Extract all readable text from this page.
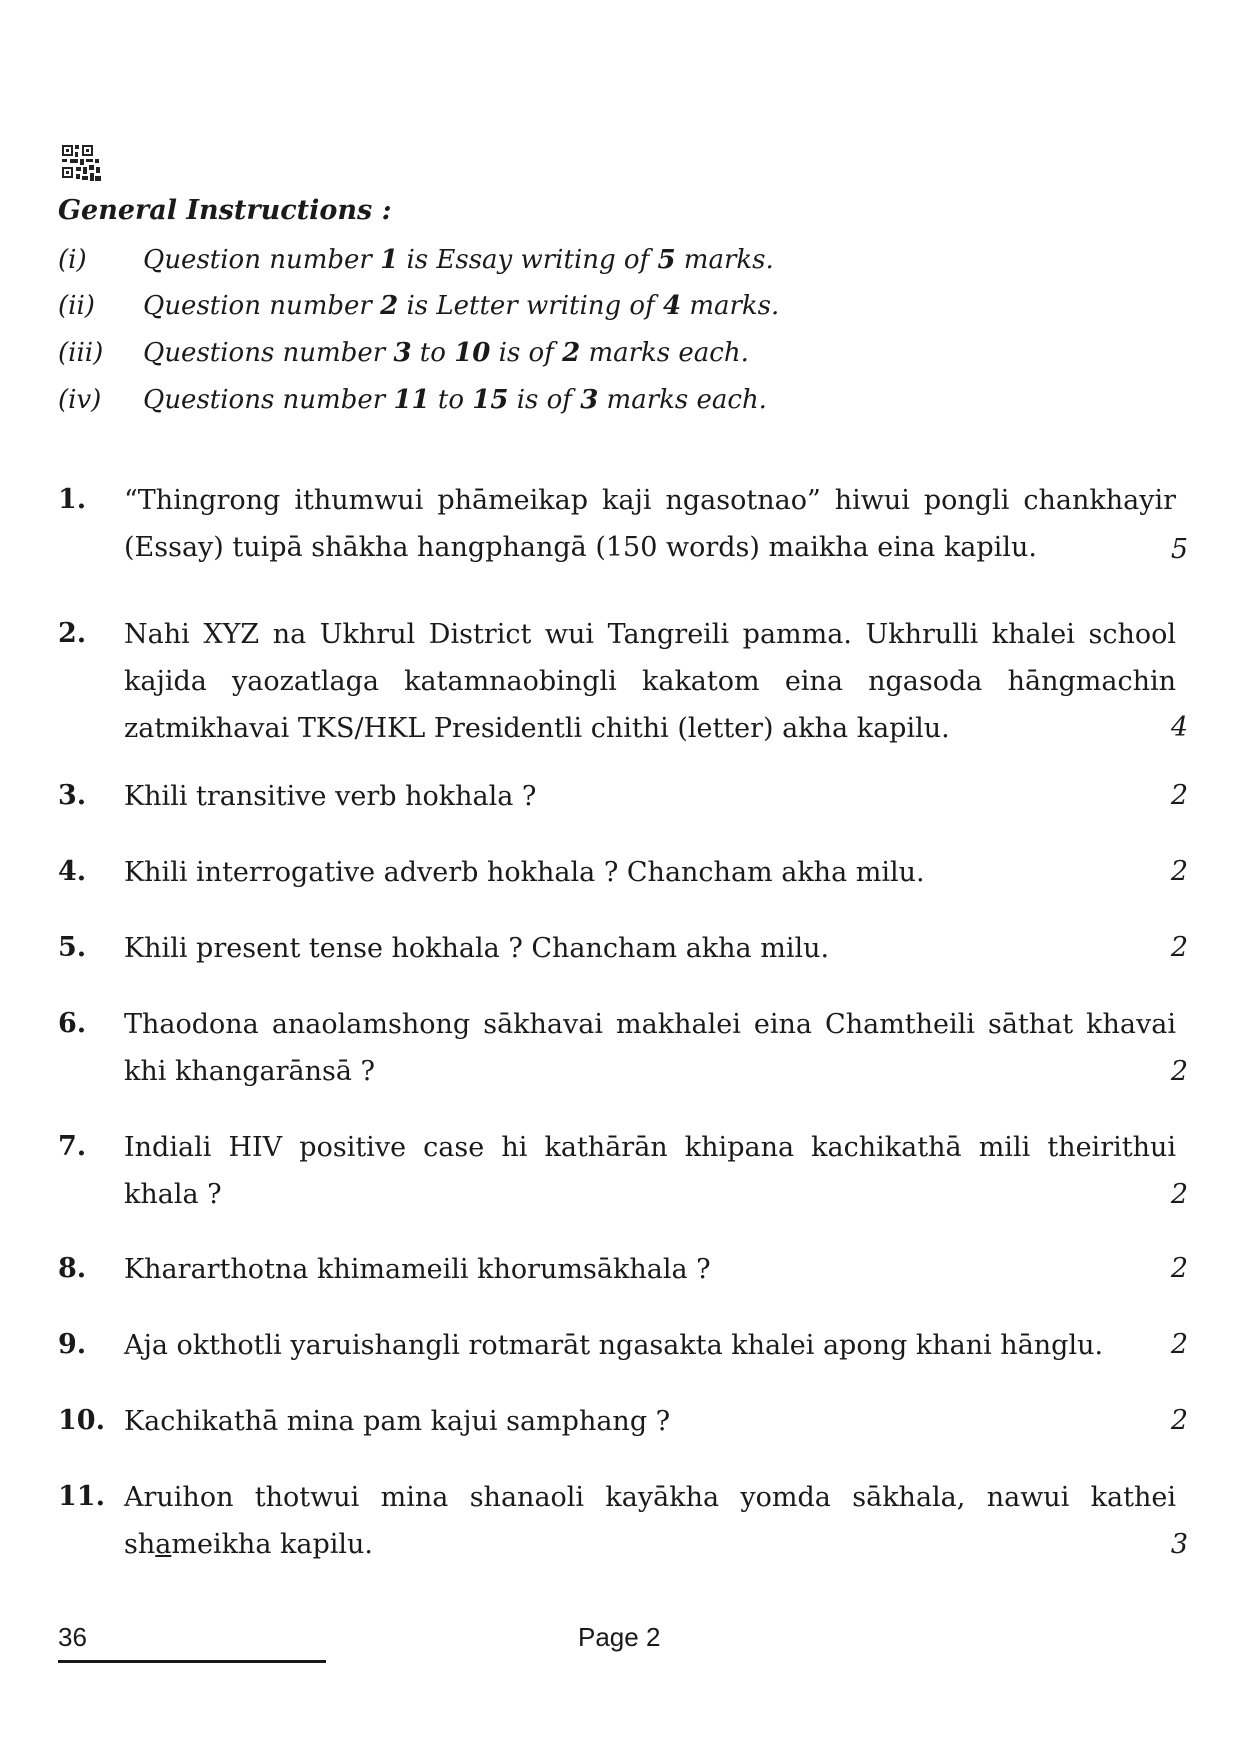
General Instructions :
(i) Question number 1 is Essay writing of 5 marks.
(ii) Question number 2 is Letter writing of 4 marks.
(iii) Questions number 3 to 10 is of 2 marks each.
(iv) Questions number 11 to 15 is of 3 marks each.
1. “Thingrong ithumwui phāmeikap kaji ngasotnao” hiwui pongli chankhayir (Essay) tuipā shākha hangphangā (150 words) maikha eina kapilu.	5
2. Nahi XYZ na Ukhrul District wui Tangreili pamma. Ukhrulli khalei school kajida yaozatlaga katamnaobingli kakatom eina ngasoda hāngmachin zatmikhavai TKS/HKL Presidentli chithi (letter) akha kapilu.	4
3. Khili transitive verb hokhala ?	2
4. Khili interrogative adverb hokhala ? Chancham akha milu.	2
5. Khili present tense hokhala ? Chancham akha milu.	2
6. Thaodona anaolamshong sākhavai makhalei eina Chamtheili sāthat khavai khi khangarānsā ?	2
7. Indiali HIV positive case hi kathārān khipana kachikathā mili theirithui khala ?	2
8. Khararthotna khimameili khorumsākhala ?	2
9. Aja okthotli yaruishangli rotmarāt ngasakta khalei apong khani hānglu.	2
10. Kachikathā mina pam kajui samphang ?	2
11. Aruihon thotwui mina shanaoli kayākha yomda sākhala, nawui kathei shameikha kapilu.	3
36	Page 2
